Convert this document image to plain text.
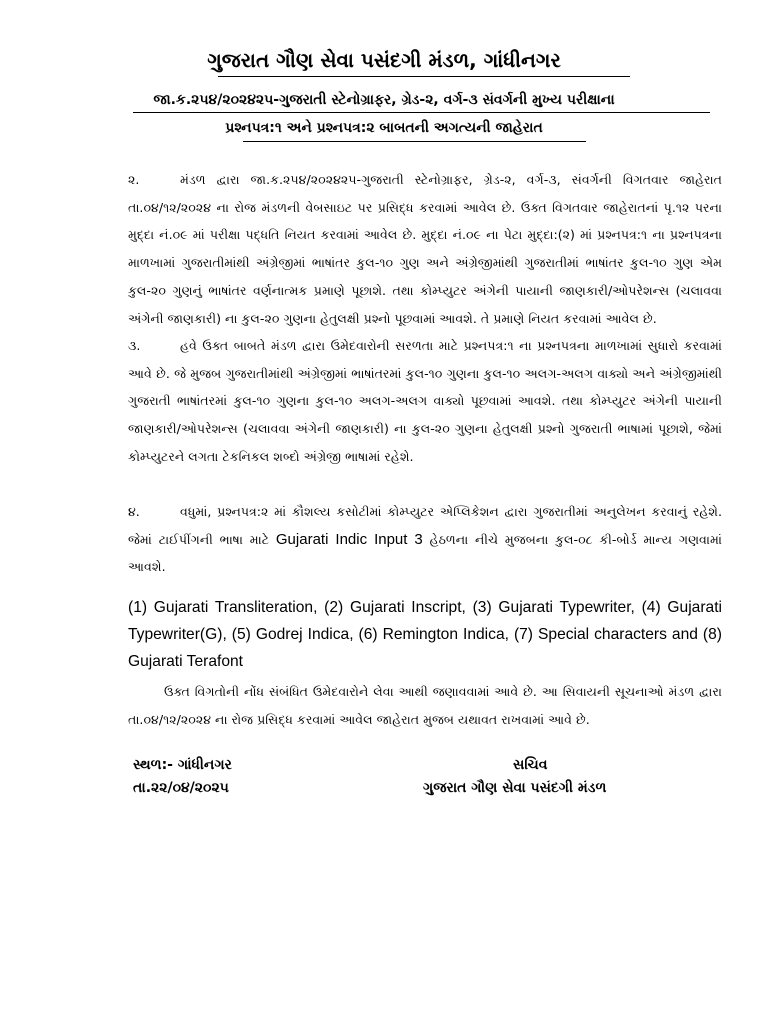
ગુજરાત ગૌણ સેવા પસંદગી મંડળ, ગાંધીનગર
જા.ક.૨૫૪/૨૦૨૪૨૫-ગુજરાતી સ્ટેનોગ્રાફર, ગ્રેડ-૨, વર્ગ-૩ સંવર્ગની મુખ્ય પરીક્ષાના
પ્રશ્નપત્ર:૧ અને પ્રશ્નપત્ર:૨ બાબતની અગત્યની જાહેરાત
૨.	મંડળ દ્વારા જા.ક.૨૫૪/૨૦૨૪૨૫-ગુજરાતી સ્ટેનોગ્રાફર, ગ્રેડ-૨, વર્ગ-૩, સંવર્ગની વિગતવાર જાહેરાત તા.૦૪/૧૨/૨૦૨૪ ના રોજ મંડળની વેબસાઇટ પર પ્રસિદ્ધ કરવામાં આવેલ છે. ઉક્ત વિગતવાર જાહેરાતનાં પૃ.૧૨ પરના મુદ્દા નં.૦૯ માં પરીક્ષા પદ્ધતિ નિયત કરવામાં આવેલ છે. મુદ્દા નં.૦૯ ના પેટા મુદ્દા:(૨) માં પ્રશ્નપત્ર:૧ ના પ્રશ્નપત્રના માળખામાં ગુજરાતીમાંથી અંગ્રેજીમાં ભાષાંતર કુલ-૧૦ ગુણ અને અંગ્રેજીમાંથી ગુજરાતીમાં ભાષાંતર કુલ-૧૦ ગુણ એમ કુલ-૨૦ ગુણનું ભાષાંતર વર્ણનાત્મક પ્રમાણે પૂછાશે. તથા કોમ્પ્યુટર અંગેની પાયાની જાણકારી/ઓપરેશન્સ (ચલાવવા અંગેની જાણકારી) ના કુલ-૨૦ ગુણના હેતુલક્ષી પ્રશ્નો પૂછવામાં આવશે. તે પ્રમાણે નિયત કરવામાં આવેલ છે.
૩.	હવે ઉક્ત બાબતે મંડળ દ્વારા ઉમેદવારોની સરળતા માટે પ્રશ્નપત્ર:૧ ના પ્રશ્નપત્રના માળખામાં સુધારો કરવામાં આવે છે. જે મુજબ ગુજરાતીમાંથી અંગ્રેજીમાં ભાષાંતરમાં કુલ-૧૦ ગુણના કુલ-૧૦ અલગ-અલગ વાક્યો અને અંગ્રેજીમાંથી ગુજરાતી ભાષાંતરમાં કુલ-૧૦ ગુણના કુલ-૧૦ અલગ-અલગ વાક્યો પૂછવામાં આવશે. તથા કોમ્પ્યુટર અંગેની પાયાની જાણકારી/ઓપરેશન્સ (ચલાવવા અંગેની જાણકારી) ના કુલ-૨૦ ગુણના હેતુલક્ષી પ્રશ્નો ગુજરાતી ભાષામાં પૂછાશે, જેમાં કોમ્પ્યુટરને લગતા ટેકનિકલ શબ્દો અંગ્રેજી ભાષામાં રહેશે.
૪.	વધુમાં, પ્રશ્નપત્ર:૨ માં કૌશલ્ય કસોટીમાં કોમ્પ્યુટર એપ્લિકેશન દ્વારા ગુજરાતીમાં અનુલેખન કરવાનું રહેશે. જેમાં ટાઈપીંગની ભાષા માટે Gujarati Indic Input 3 હેઠળના નીચે મુજબના કુલ-૦૮ કી-બોર્ડ માન્ય ગણવામાં આવશે.
(1) Gujarati Transliteration, (2) Gujarati Inscript, (3) Gujarati Typewriter, (4) Gujarati Typewriter(G), (5) Godrej Indica, (6) Remington Indica, (7) Special characters and (8) Gujarati Terafont
ઉક્ત વિગતોની નોંધ સંબંધિત ઉમેદવારોને લેવા આથી જણાવવામાં આવે છે. આ સિવાયની સૂચનાઓ મંડળ દ્વારા તા.૦૪/૧૨/૨૦૨૪ ના રોજ પ્રસિદ્ધ કરવામાં આવેલ જાહેરાત મુજબ યથાવત રાખવામાં આવે છે.
સ્થળ:- ગાંધીનગર
તા.૨૨/૦૪/૨૦૨૫
સચિવ
ગુજરાત ગૌણ સેવા પસંદગી મંડળ
